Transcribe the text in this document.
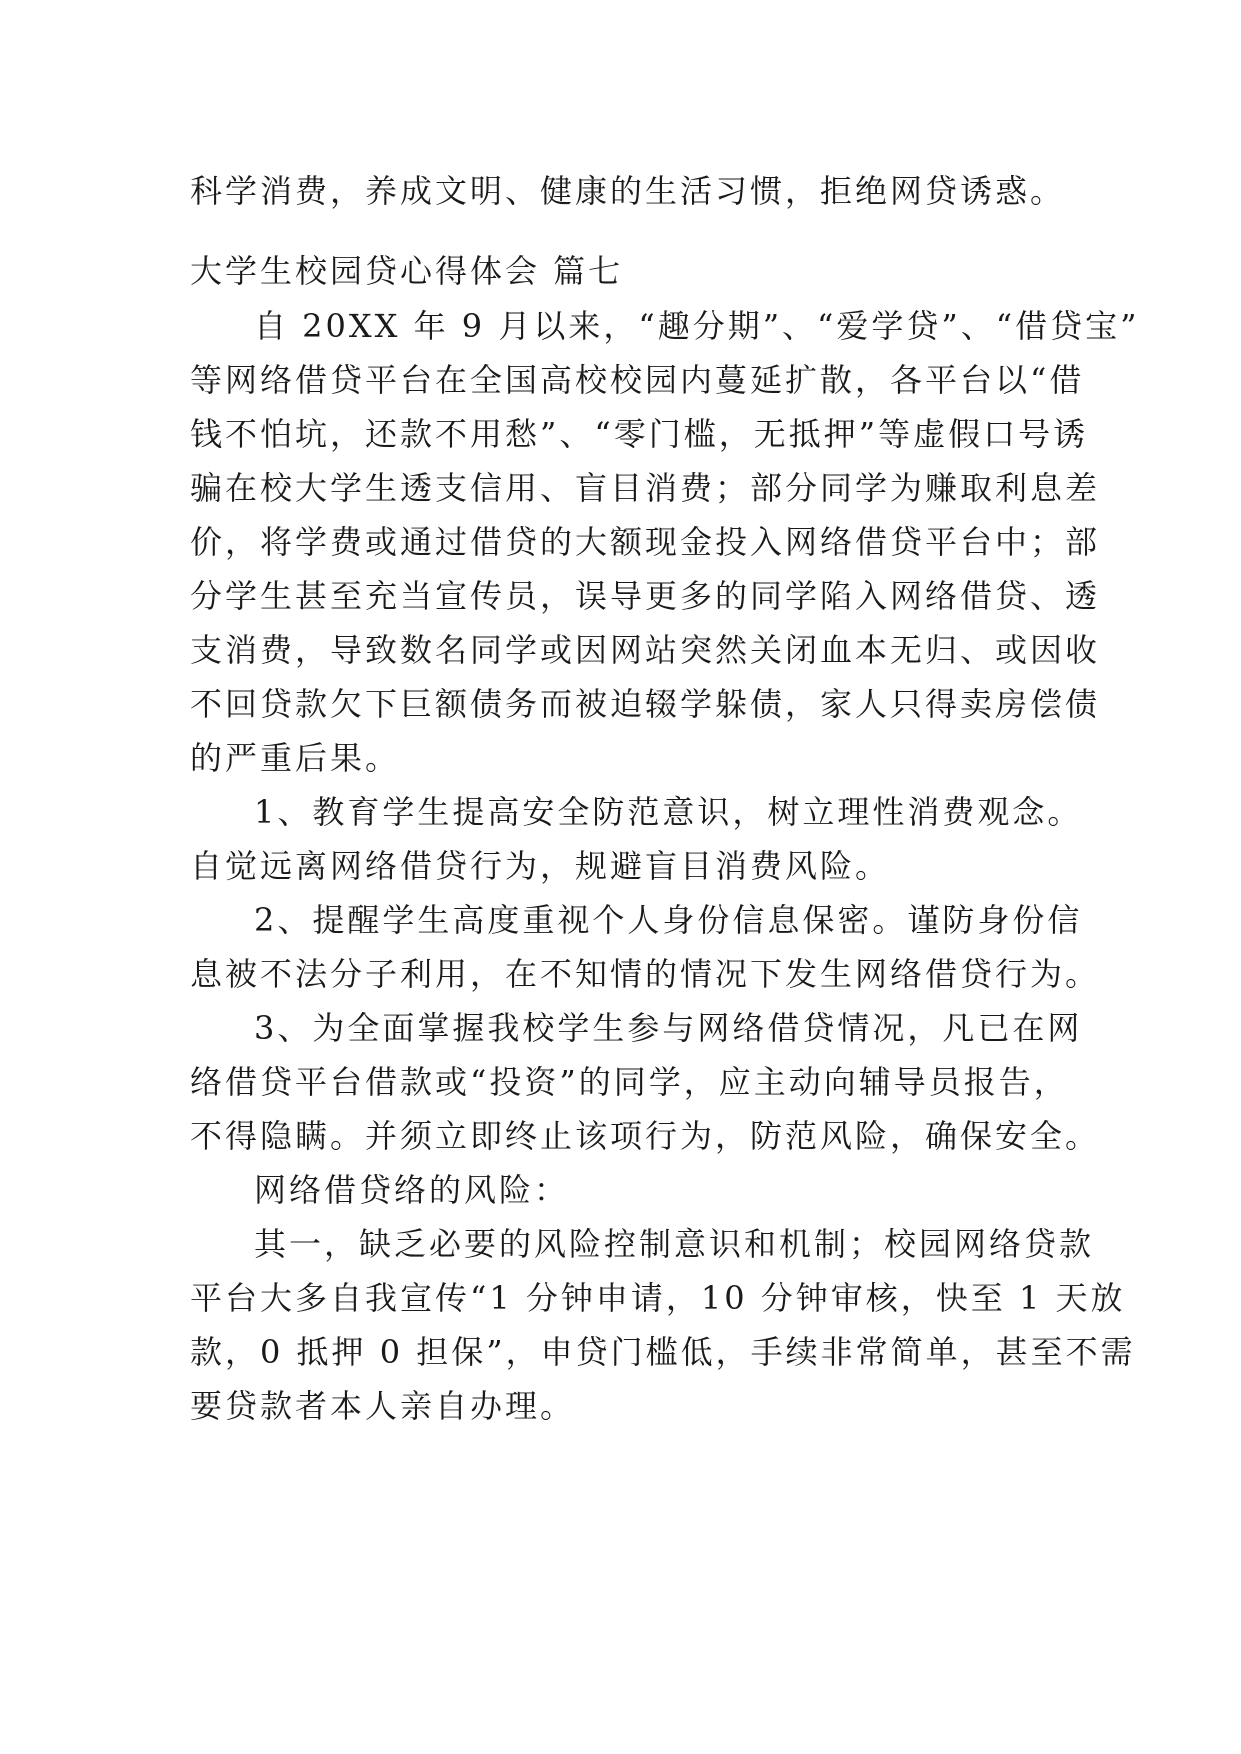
科学消费，养成文明、健康的生活习惯，拒绝网贷诱惑。
大学生校园贷心得体会 篇七
自 20XX 年 9 月以来，“趣分期”、“爱学贷”、“借贷宝”
等网络借贷平台在全国高校校园内蔓延扩散，各平台以“借
钱不怕坑，还款不用愁”、“零门槛，无抵押”等虚假口号诱
骗在校大学生透支信用、盲目消费；部分同学为赚取利息差
价，将学费或通过借贷的大额现金投入网络借贷平台中；部
分学生甚至充当宣传员，误导更多的同学陷入网络借贷、透
支消费，导致数名同学或因网站突然关闭血本无归、或因收
不回贷款欠下巨额债务而被迫辍学躲债，家人只得卖房偿债
的严重后果。
1、教育学生提高安全防范意识，树立理性消费观念。
自觉远离网络借贷行为，规避盲目消费风险。
2、提醒学生高度重视个人身份信息保密。谨防身份信
息被不法分子利用，在不知情的情况下发生网络借贷行为。
3、为全面掌握我校学生参与网络借贷情况，凡已在网
络借贷平台借款或“投资”的同学，应主动向辅导员报告，
不得隐瞒。并须立即终止该项行为，防范风险，确保安全。
网络借贷络的风险：
其一，缺乏必要的风险控制意识和机制；校园网络贷款
平台大多自我宣传“1 分钟申请，10 分钟审核，快至 1 天放
款，0 抵押 0 担保”，申贷门槛低，手续非常简单，甚至不需
要贷款者本人亲自办理。
